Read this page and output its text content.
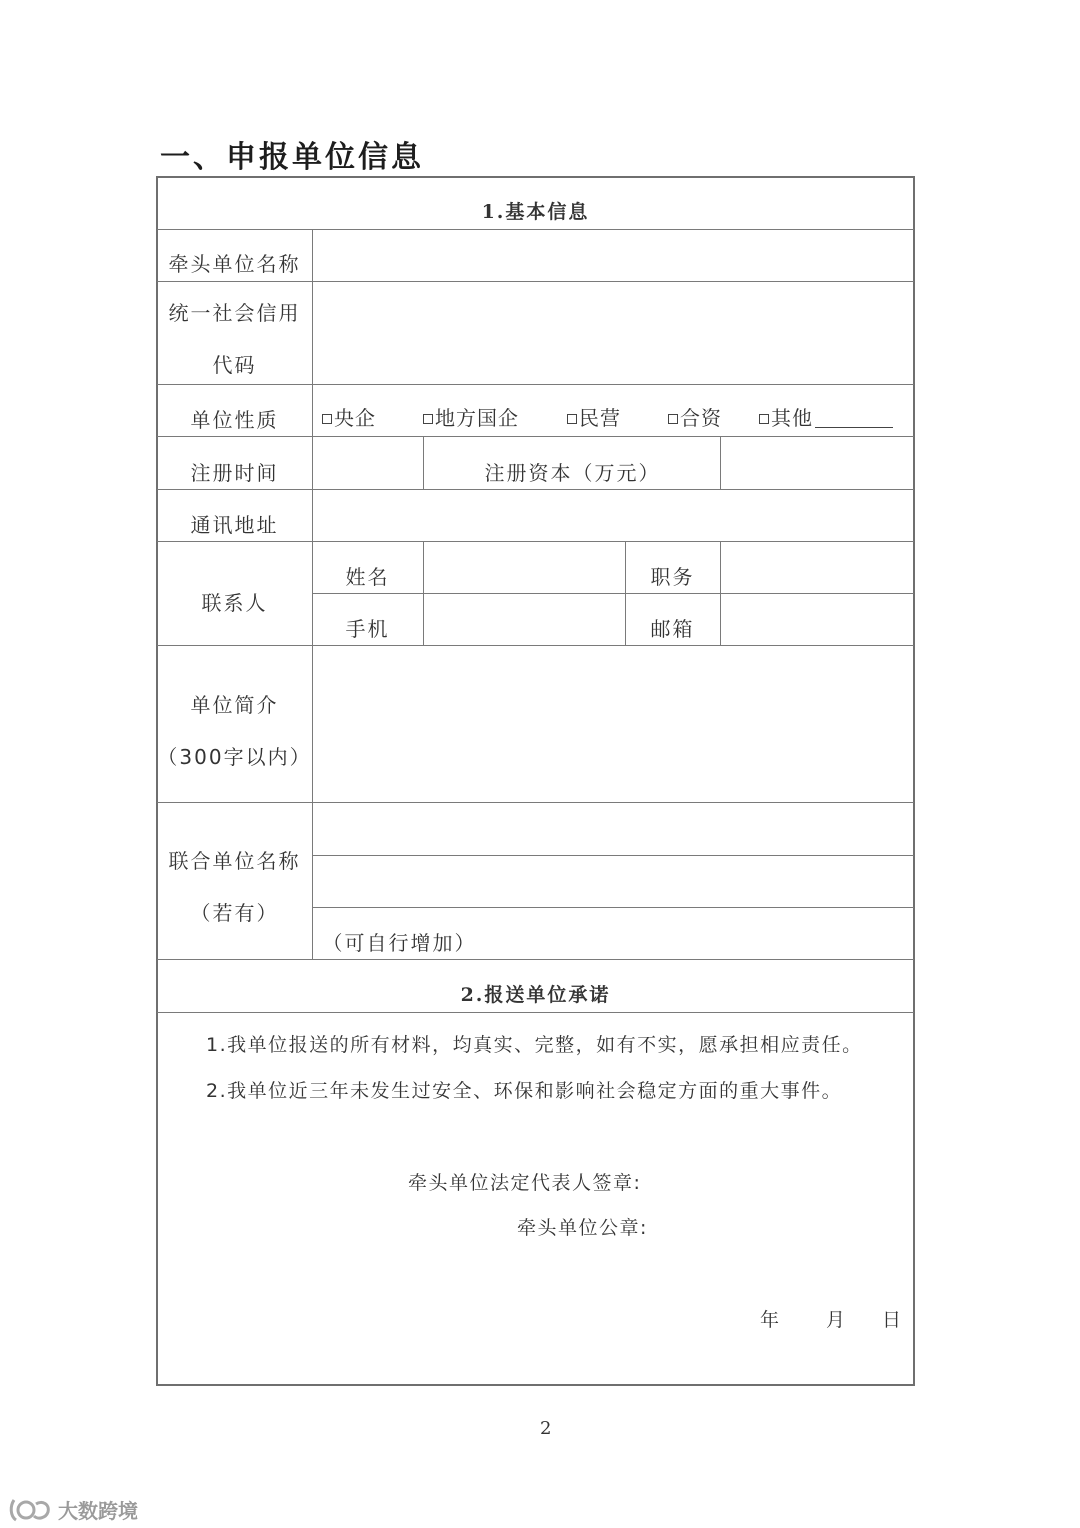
一、申报单位信息
1.基本信息
牵头单位名称
统一社会信用
代码
单位性质	央企	地方国企	民营	合资 其他
注册时间	注册资本（万元）
通讯地址
联系人
姓名	职务
手机	邮箱
单位简介
（300字以内）
联合单位名称
（若有）
（可自行增加）
2.报送单位承诺
1.我单位报送的所有材料，均真实、完整，如有不实，愿承担相应责任。
2.我单位近三年未发生过安全、环保和影响社会稳定方面的重大事件。
牵头单位法定代表人签章:
牵头单位公章:
年 月 日
2
大数跨境
